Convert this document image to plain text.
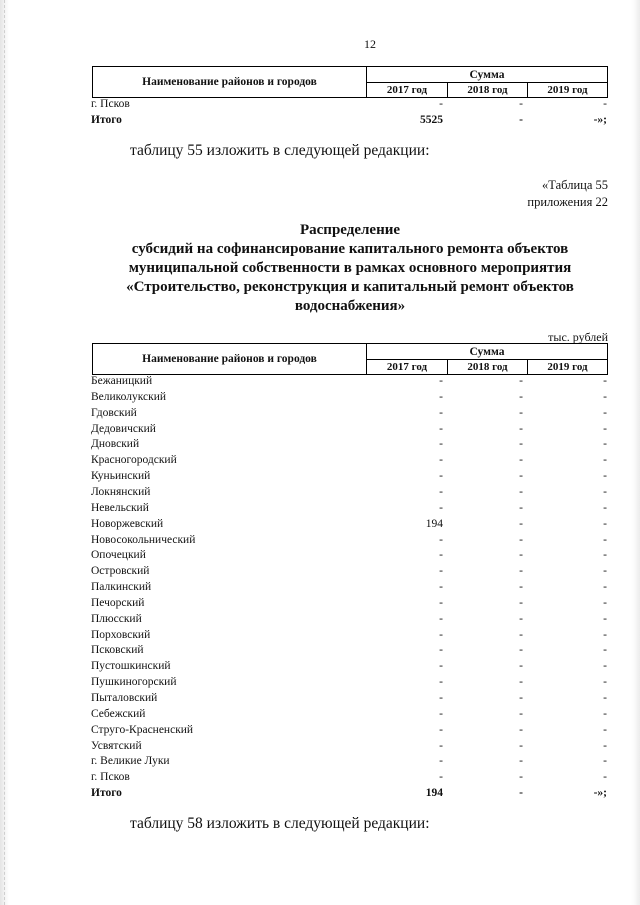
12
Наименование районов и городов
Сумма
2017 год	2018 год	2019 год
г. Псков	-	-	-
Итого	5525	-	-»;
таблицу 55 изложить в следующей редакции:
«Таблица 55
приложения 22
Распределение
субсидий на софинансирование капитального ремонта объектов
муниципальной собственности в рамках основного мероприятия
«Строительство, реконструкция и капитальный ремонт объектов
водоснабжения»
тыс. рублей
Наименование районов и городов
Сумма
2017 год	2018 год	2019 год
Бежаницкий	-	-	-
Великолукский	-	-	-
Гдовский	-	-	-
Дедовичский	-	-	-
Дновский	-	-	-
Красногородский	-	-	-
Куньинский	-	-	-
Локнянский	-	-	-
Невельский	-	-	-
Новоржевский	194	-	-
Новосокольнический	-	-	-
Опочецкий	-	-	-
Островский	-	-	-
Палкинский	-	-	-
Печорский	-	-	-
Плюсский	-	-	-
Порховский	-	-	-
Псковский	-	-	-
Пустошкинский	-	-	-
Пушкиногорский	-	-	-
Пыталовский	-	-	-
Себежский	-	-	-
Струго-Красненский	-	-	-
Усвятский	-	-	-
г. Великие Луки	-	-	-
г. Псков	-	-	-
Итого	194	-	-»;
таблицу 58 изложить в следующей редакции:
